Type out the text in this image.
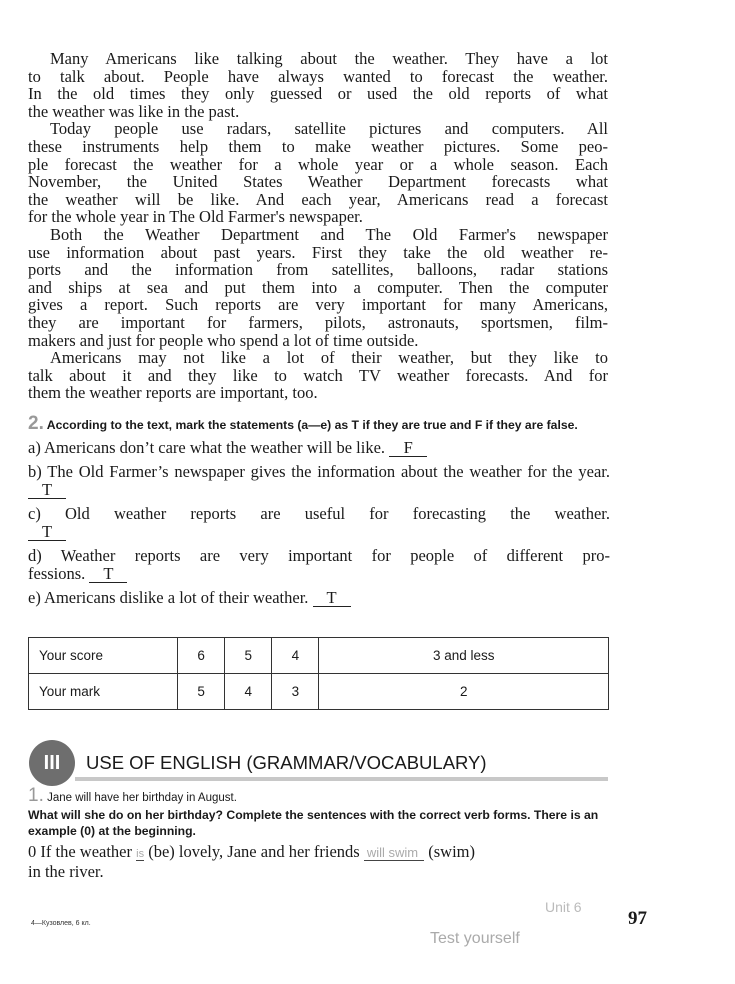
Many Americans like talking about the weather. They have a lot
to talk about. People have always wanted to forecast the weather.
In the old times they only guessed or used the old reports of what
the weather was like in the past.
Today people use radars, satellite pictures and computers. All
these instruments help them to make weather pictures. Some peo-
ple forecast the weather for a whole year or a whole season. Each
November, the United States Weather Department forecasts what
the weather will be like. And each year, Americans read a forecast
for the whole year in The Old Farmer's newspaper.
Both the Weather Department and The Old Farmer's newspaper
use information about past years. First they take the old weather re-
ports and the information from satellites, balloons, radar stations
and ships at sea and put them into a computer. Then the computer
gives a report. Such reports are very important for many Americans,
they are important for farmers, pilots, astronauts, sportsmen, film-
makers and just for people who spend a lot of time outside.
Americans may not like a lot of their weather, but they like to
talk about it and they like to watch TV weather forecasts. And for
them the weather reports are important, too.
2. According to the text, mark the statements (a—e) as T if they are true and F if they are false.
a) Americans don’t care what the weather will be like. F
b) The Old Farmer’s newspaper gives the information about the weather for the year. T
c) Old weather reports are useful for forecasting the weather.
T
d) Weather reports are very important for people of different pro-
fessions. T
e) Americans dislike a lot of their weather. T
Your score	6	5	4	3 and less
Your mark	5	4	3	2
III	USE OF ENGLISH (GRAMMAR/VOCABULARY)
1. Jane will have her birthday in August.
What will she do on her birthday? Complete the sentences with the correct verb forms. There is an example (0) at the beginning.
0 If the weather is (be) lovely, Jane and her friends will swim (swim)
in the river.
4—Кузовлев, 6 кл.
Unit 6
Test yourself
97
